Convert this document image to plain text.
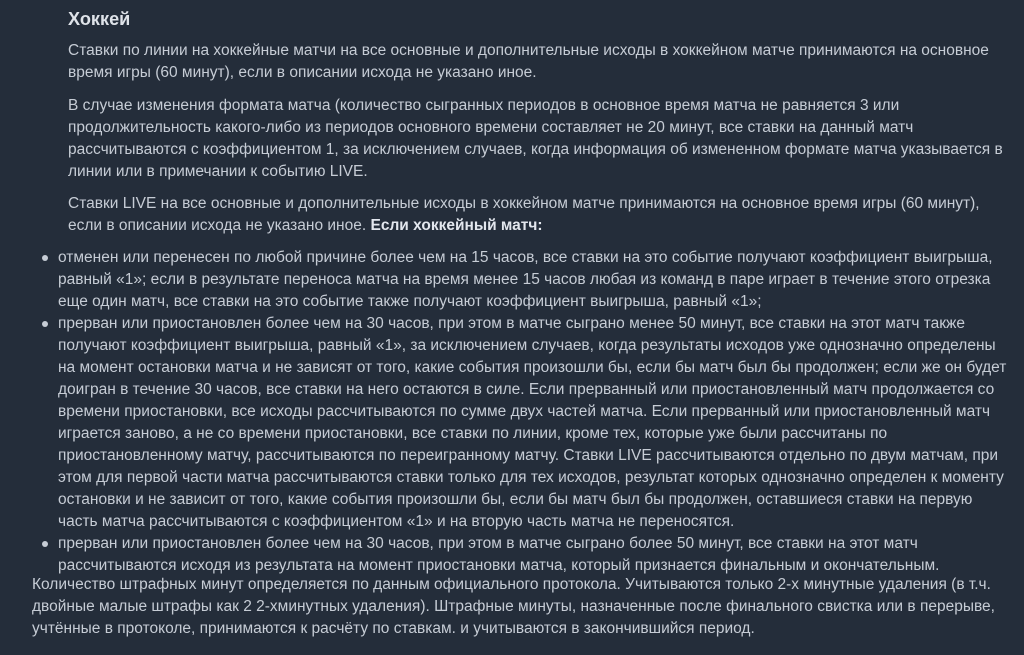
Хоккей

Ставки по линии на хоккейные матчи на все основные и дополнительные исходы в хоккейном матче принимаются на основное время игры (60 минут), если в описании исхода не указано иное.

В случае изменения формата матча (количество сыгранных периодов в основное время матча не равняется 3 или продолжительность какого-либо из периодов основного времени составляет не 20 минут, все ставки на данный матч рассчитываются с коэффициентом 1, за исключением случаев, когда информация об измененном формате матча указывается в линии или в примечании к событию LIVE.

Ставки LIVE на все основные и дополнительные исходы в хоккейном матче принимаются на основное время игры (60 минут), если в описании исхода не указано иное. Если хоккейный матч:

отменен или перенесен по любой причине более чем на 15 часов, все ставки на это событие получают коэффициент выигрыша, равный «1»; если в результате переноса матча на время менее 15 часов любая из команд в паре играет в течение этого отрезка еще один матч, все ставки на это событие также получают коэффициент выигрыша, равный «1»;
прерван или приостановлен более чем на 30 часов, при этом в матче сыграно менее 50 минут, все ставки на этот матч также получают коэффициент выигрыша, равный «1», за исключением случаев, когда результаты исходов уже однозначно определены на момент остановки матча и не зависят от того, какие события произошли бы, если бы матч был бы продолжен; если же он будет доигран в течение 30 часов, все ставки на него остаются в силе. Если прерванный или приостановленный матч продолжается со времени приостановки, все исходы рассчитываются по сумме двух частей матча. Если прерванный или приостановленный матч играется заново, а не со времени приостановки, все ставки по линии, кроме тех, которые уже были рассчитаны по приостановленному матчу, рассчитываются по переигранному матчу. Ставки LIVE рассчитываются отдельно по двум матчам, при этом для первой части матча рассчитываются ставки только для тех исходов, результат которых однозначно определен к моменту остановки и не зависит от того, какие события произошли бы, если бы матч был бы продолжен, оставшиеся ставки на первую часть матча рассчитываются с коэффициентом «1» и на вторую часть матча не переносятся.
прерван или приостановлен более чем на 30 часов, при этом в матче сыграно более 50 минут, все ставки на этот матч рассчитываются исходя из результата на момент приостановки матча, который признается финальным и окончательным.

Количество штрафных минут определяется по данным официального протокола. Учитываются только 2-х минутные удаления (в т.ч. двойные малые штрафы как 2 2-хминутных удаления). Штрафные минуты, назначенные после финального свистка или в перерыве, учтённые в протоколе, принимаются к расчёту по ставкам. и учитываются в закончившийся период.
